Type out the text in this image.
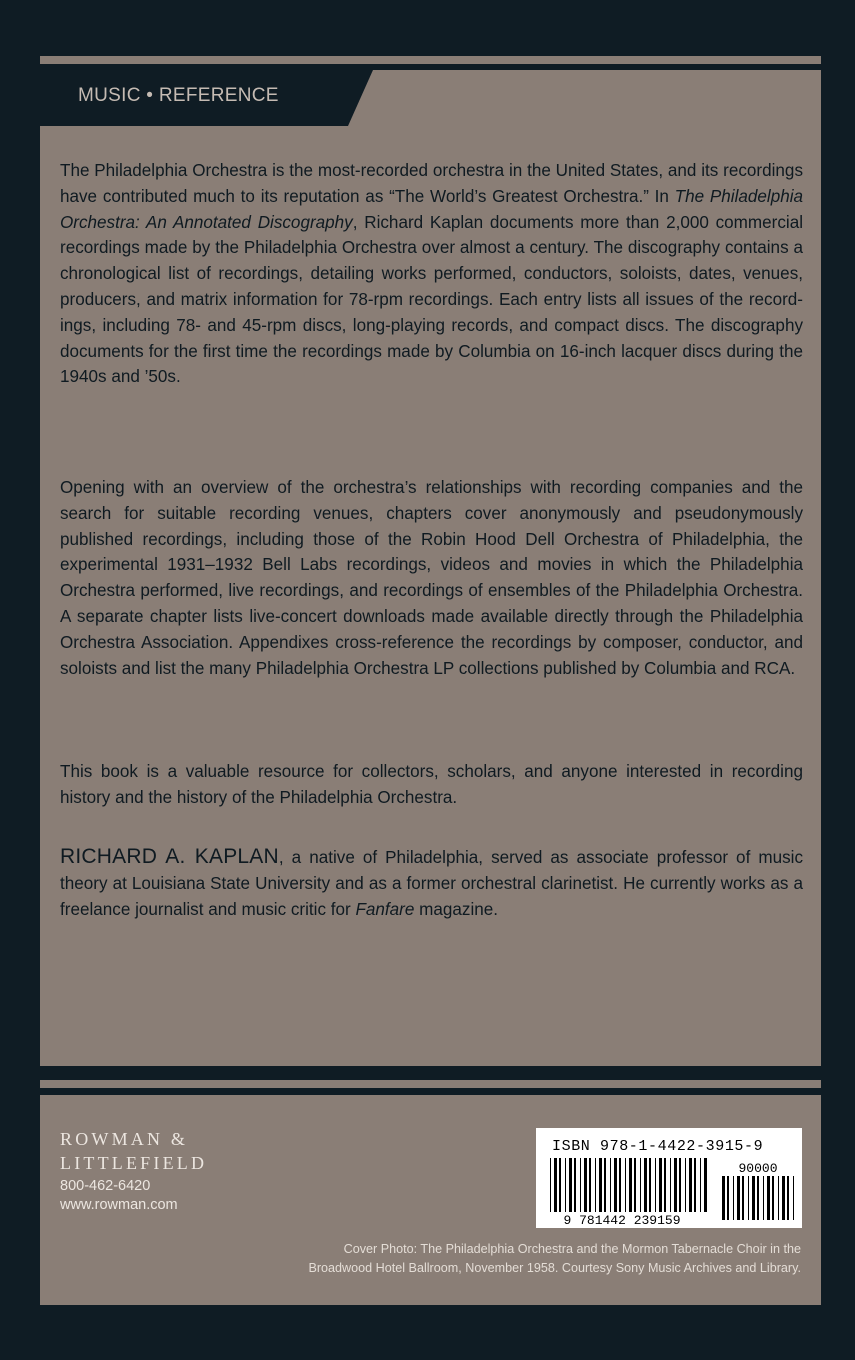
MUSIC • REFERENCE
The Philadelphia Orchestra is the most-recorded orchestra in the United States, and its recordings have contributed much to its reputation as “The World’s Greatest Orchestra.” In The Philadelphia Orchestra: An Annotated Discography, Richard Kaplan documents more than 2,000 commercial recordings made by the Philadelphia Orchestra over almost a century. The discography contains a chronological list of recordings, detailing works performed, conductors, soloists, dates, venues, producers, and matrix information for 78-rpm recordings. Each entry lists all issues of the recordings, including 78- and 45-rpm discs, long-playing records, and compact discs. The discography documents for the first time the recordings made by Columbia on 16-inch lacquer discs during the 1940s and ’50s.
Opening with an overview of the orchestra’s relationships with recording companies and the search for suitable recording venues, chapters cover anonymously and pseudonymously published recordings, including those of the Robin Hood Dell Orchestra of Philadelphia, the experimental 1931–1932 Bell Labs recordings, videos and movies in which the Philadelphia Orchestra performed, live recordings, and recordings of ensembles of the Philadelphia Orchestra. A separate chapter lists live-concert downloads made available directly through the Philadelphia Orchestra Association. Appendixes cross-reference the recordings by composer, conductor, and soloists and list the many Philadelphia Orchestra LP collections published by Columbia and RCA.
This book is a valuable resource for collectors, scholars, and anyone interested in recording history and the history of the Philadelphia Orchestra.
RICHARD A. KAPLAN, a native of Philadelphia, served as associate professor of music theory at Louisiana State University and as a former orchestral clarinetist. He currently works as a freelance journalist and music critic for Fanfare magazine.
ROWMAN &
LITTLEFIELD
800-462-6420
www.rowman.com
90000
9 781442 239159
ISBN 978-1-4422-3915-9
Cover Photo: The Philadelphia Orchestra and the Mormon Tabernacle Choir in the
Broadwood Hotel Ballroom, November 1958. Courtesy Sony Music Archives and Library.
